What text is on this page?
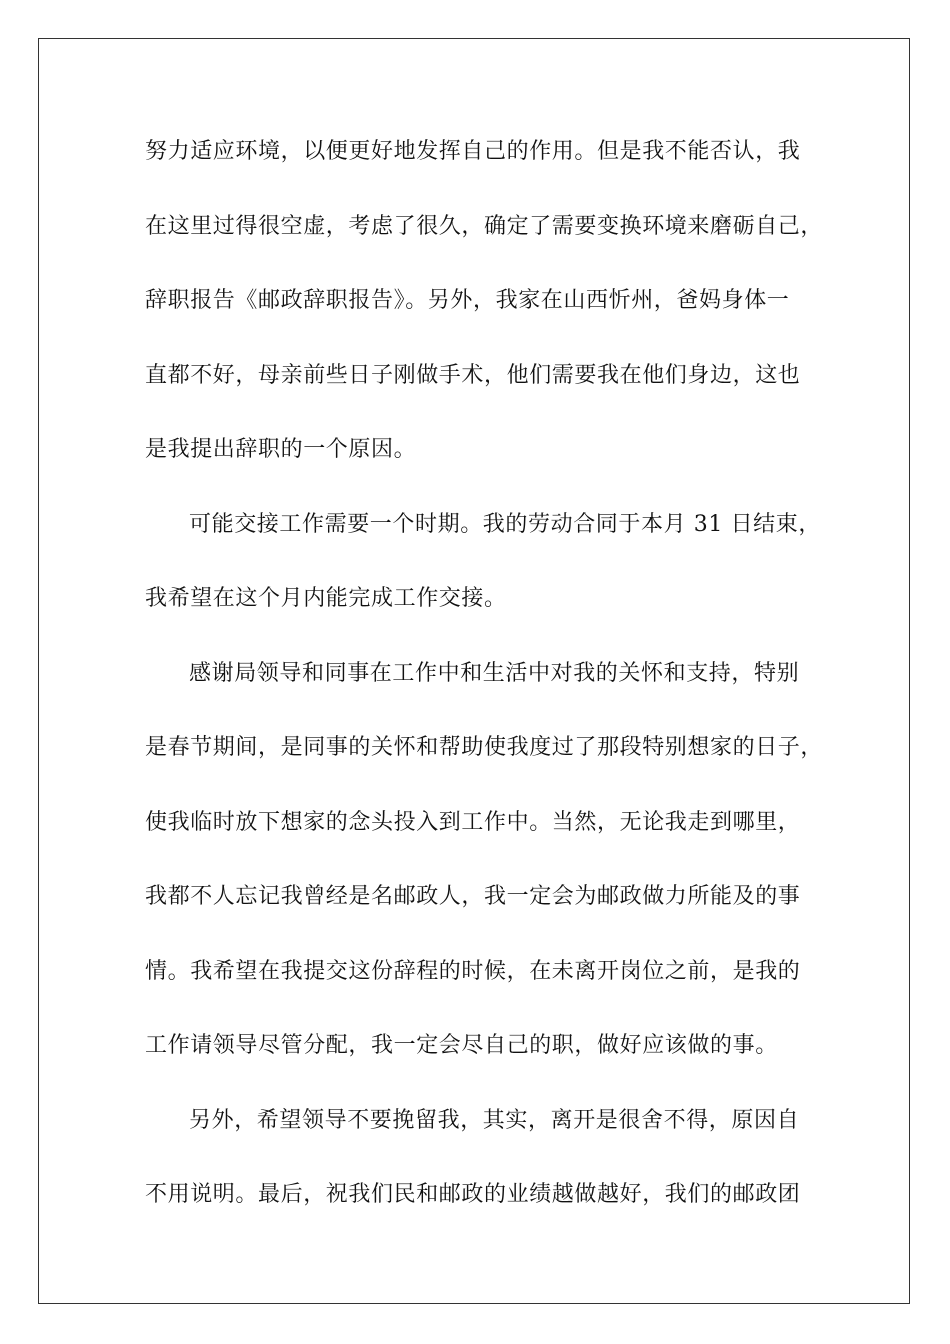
努力适应环境，以便更好地发挥自己的作用。但是我不能否认，我
在这里过得很空虚，考虑了很久，确定了需要变换环境来磨砺自己，
辞职报告《邮政辞职报告》。另外，我家在山西忻州，爸妈身体一
直都不好，母亲前些日子刚做手术，他们需要我在他们身边，这也
是我提出辞职的一个原因。
可能交接工作需要一个时期。我的劳动合同于本月 31 日结束，
我希望在这个月内能完成工作交接。
感谢局领导和同事在工作中和生活中对我的关怀和支持，特别
是春节期间，是同事的关怀和帮助使我度过了那段特别想家的日子，
使我临时放下想家的念头投入到工作中。当然，无论我走到哪里，
我都不人忘记我曾经是名邮政人，我一定会为邮政做力所能及的事
情。我希望在我提交这份辞程的时候，在未离开岗位之前，是我的
工作请领导尽管分配，我一定会尽自己的职，做好应该做的事。
另外，希望领导不要挽留我，其实，离开是很舍不得，原因自
不用说明。最后，祝我们民和邮政的业绩越做越好，我们的邮政团
